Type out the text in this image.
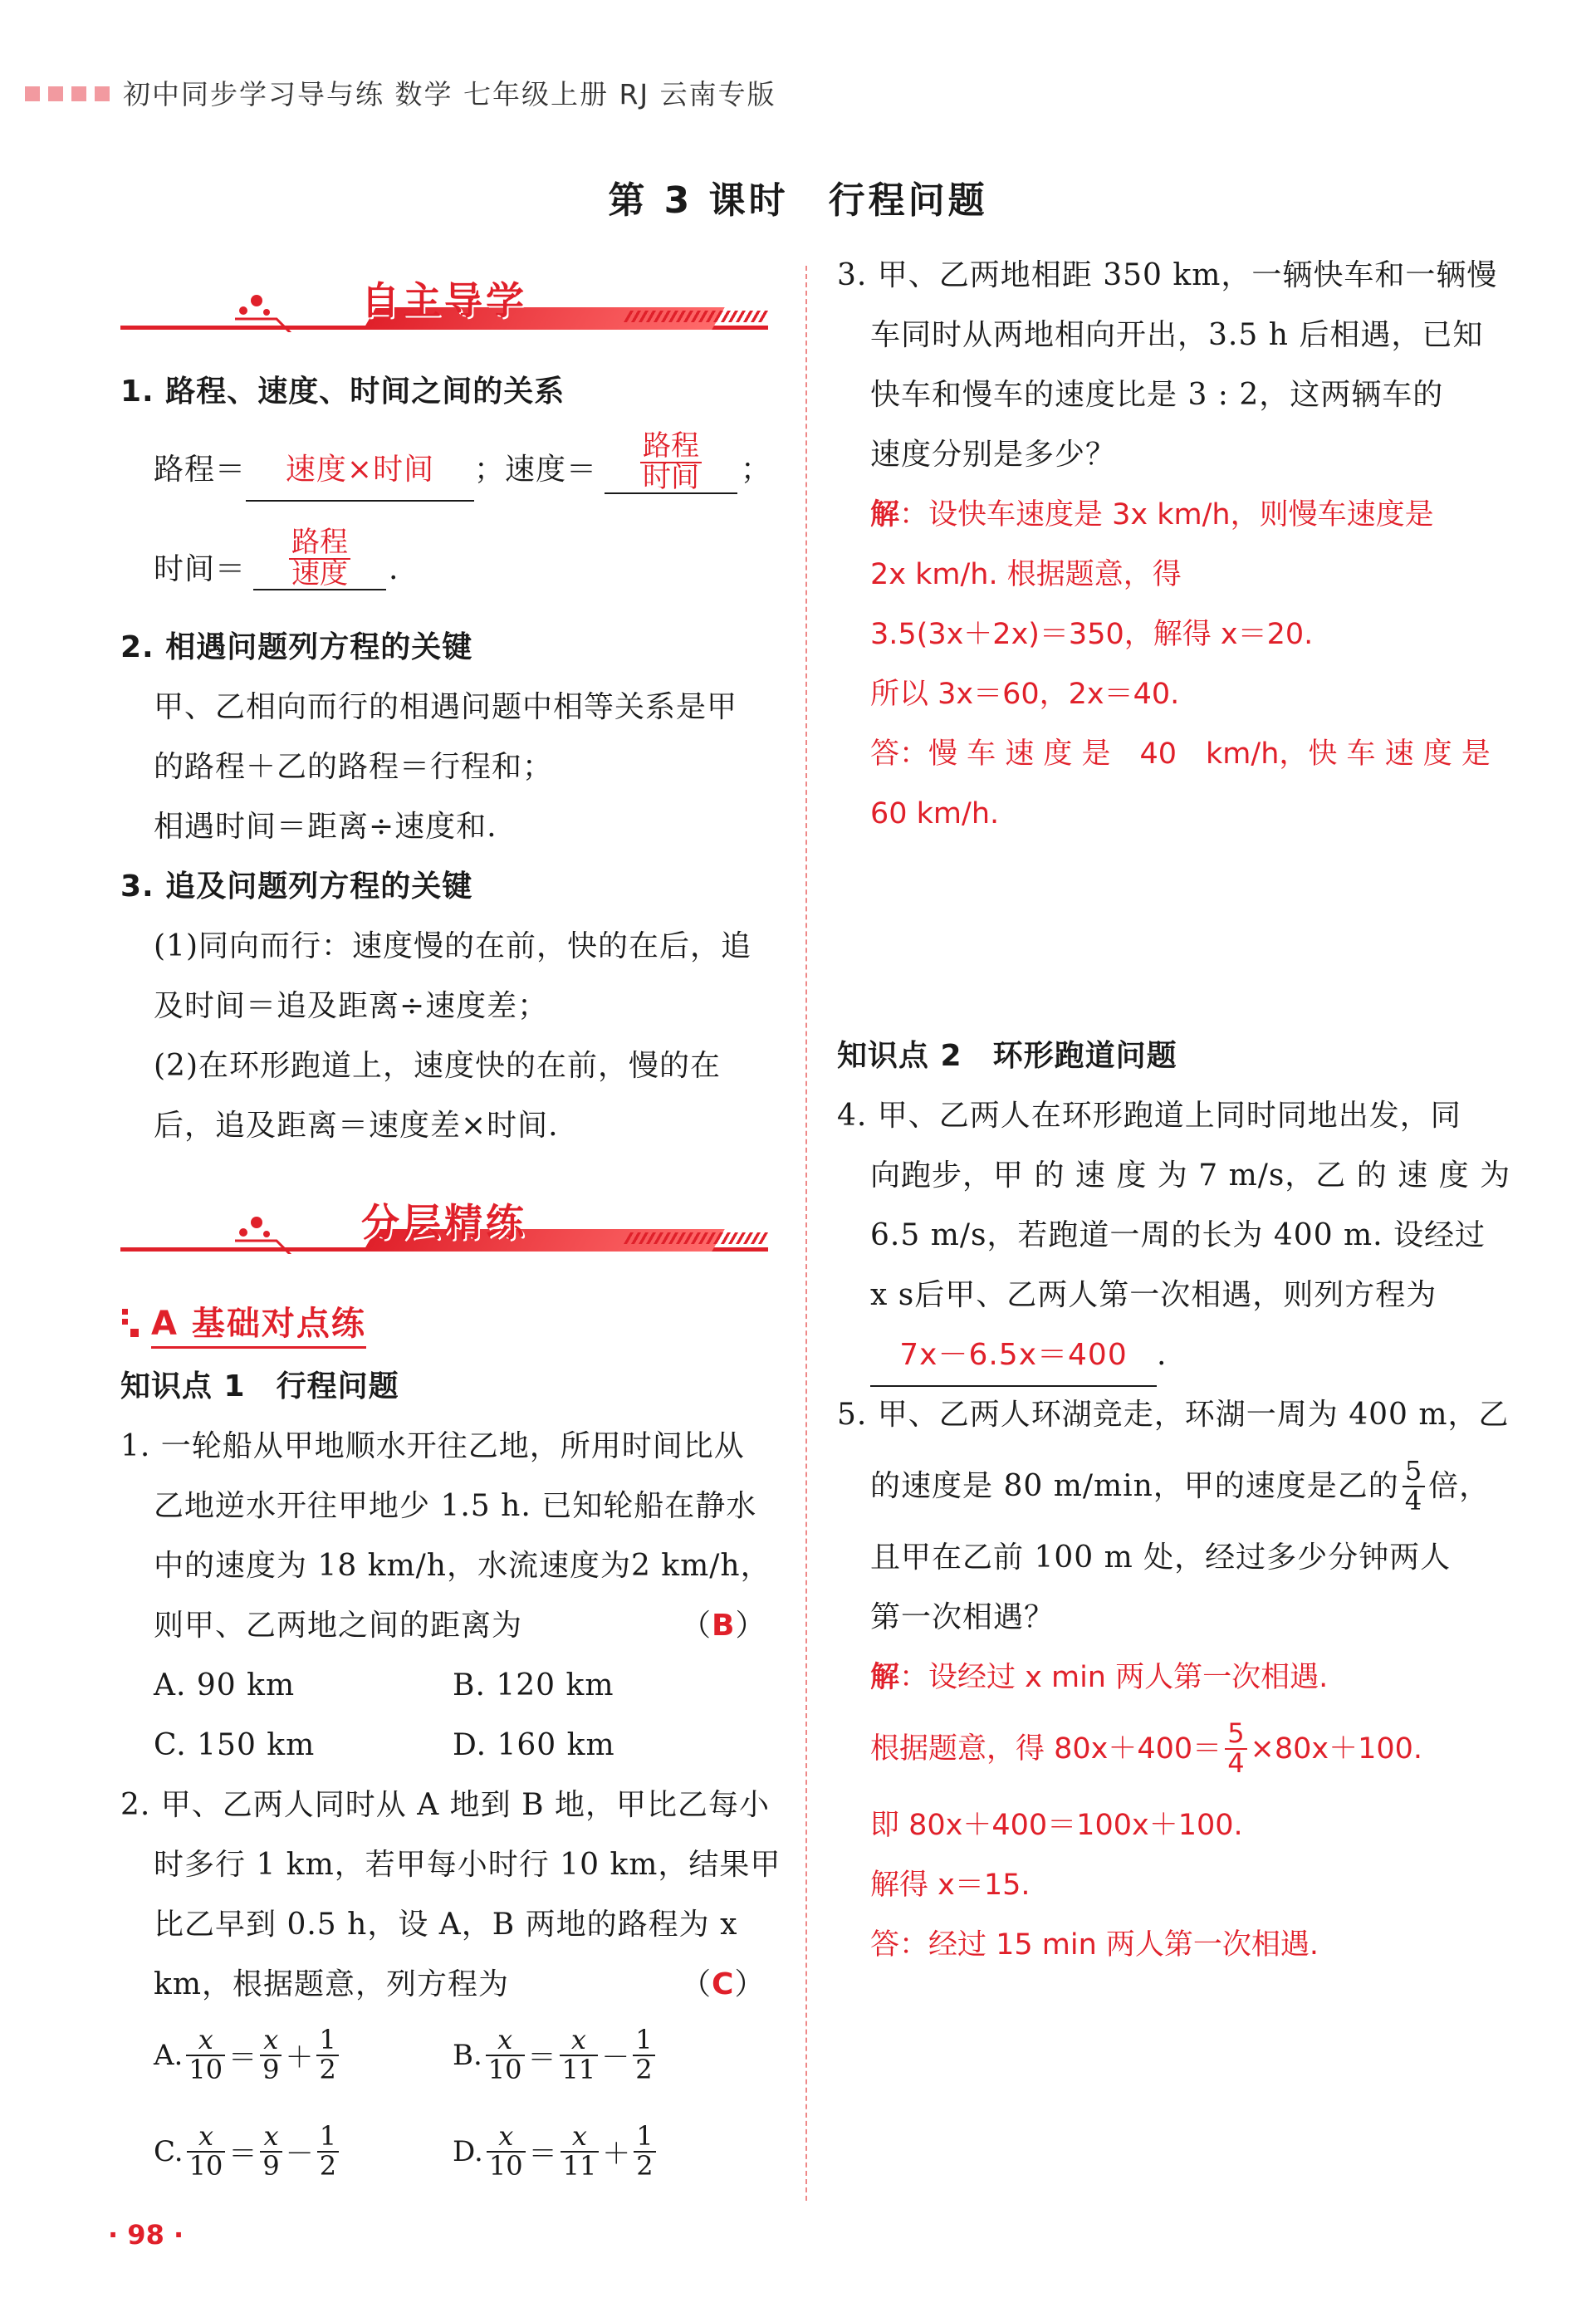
初中同步学习导与练 数学 七年级上册 RJ 云南专版
第 3 课时　行程问题
自主导学
1. 路程、速度、时间之间的关系
路程＝ 速度×时间 ；速度＝ $\frac{\text{路程}}{\text{时间}}$ ；
时间＝ $\frac{\text{路程}}{\text{速度}}$ .
2. 相遇问题列方程的关键
甲、乙相向而行的相遇问题中相等关系是甲
的路程＋乙的路程＝行程和；
相遇时间＝距离÷速度和.
3. 追及问题列方程的关键
(1)同向而行：速度慢的在前，快的在后，追
及时间＝追及距离÷速度差；
(2)在环形跑道上，速度快的在前，慢的在
后，追及距离＝速度差×时间.
分层精练
A 基础对点练
知识点 1　行程问题
1. 一轮船从甲地顺水开往乙地，所用时间比从
乙地逆水开往甲地少 1.5 h. 已知轮船在静水
中的速度为 18 km/h，水流速度为2 km/h，
则甲、乙两地之间的距离为	（B）
A. 90 km	B. 120 km
C. 150 km	D. 160 km
2. 甲、乙两人同时从 A 地到 B 地，甲比乙每小
时多行 1 km，若甲每小时行 10 km，结果甲
比乙早到 0.5 h，设 A，B 两地的路程为 x
km，根据题意，列方程为	（C）
A. $\frac{x}{10} = \frac{x}{9} + \frac{1}{2}$	B. $\frac{x}{10} = \frac{x}{11} - \frac{1}{2}$
C. $\frac{x}{10} = \frac{x}{9} - \frac{1}{2}$	D. $\frac{x}{10} = \frac{x}{11} + \frac{1}{2}$
3. 甲、乙两地相距 350 km，一辆快车和一辆慢
车同时从两地相向开出，3.5 h 后相遇，已知
快车和慢车的速度比是 3 : 2，这两辆车的
速度分别是多少？
解：设快车速度是 3x km/h，则慢车速度是
2x km/h. 根据题意，得
3.5(3x＋2x)＝350，解得 x＝20.
所以 3x＝60，2x＝40.
答：慢 车 速 度 是　40　km/h，快 车 速 度 是
60 km/h.
知识点 2　环形跑道问题
4. 甲、乙两人在环形跑道上同时同地出发，同
向跑步，甲 的 速 度 为 7 m/s，乙 的 速 度 为
6.5 m/s，若跑道一周的长为 400 m. 设经过
x s后甲、乙两人第一次相遇，则列方程为
7x－6.5x＝400 .
5. 甲、乙两人环湖竞走，环湖一周为 400 m，乙
的速度是 80 m/min，甲的速度是乙的 $\frac{5}{4}$ 倍，
且甲在乙前 100 m 处，经过多少分钟两人
第一次相遇？
解：设经过 x min 两人第一次相遇.
根据题意，得 $80x+400= \frac{5}{4} \times 80x+100$.
即 80x＋400＝100x＋100.
解得 x＝15.
答：经过 15 min 两人第一次相遇.
· 98 ·
